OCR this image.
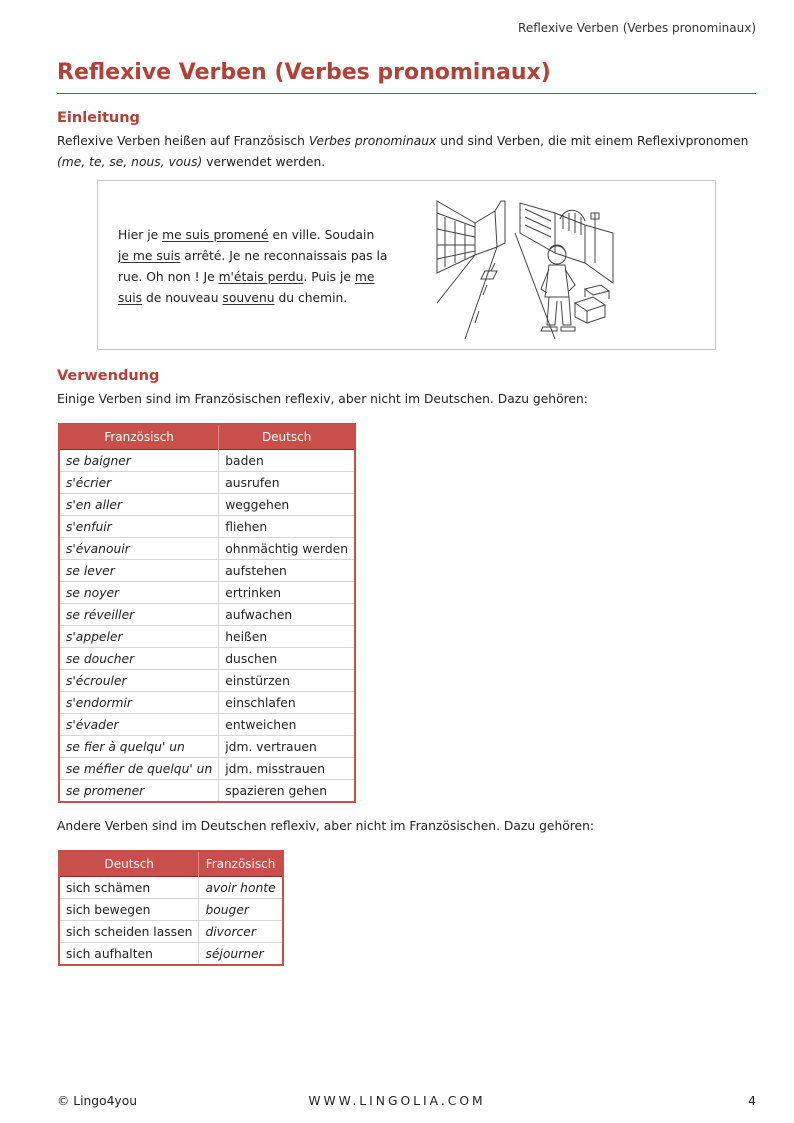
Reflexive Verben (Verbes pronominaux)
Reflexive Verben (Verbes pronominaux)
Einleitung
Reflexive Verben heißen auf Französisch Verbes pronominaux und sind Verben, die mit einem Reflexivpronomen (me, te, se, nous, vous) verwendet werden.
Hier je me suis promené en ville. Soudain je me suis arrêté. Je ne reconnaissais pas la rue. Oh non ! Je m'étais perdu. Puis je me suis de nouveau souvenu du chemin.
Verwendung
Einige Verben sind im Französischen reflexiv, aber nicht im Deutschen. Dazu gehören:
Französisch	Deutsch
se baigner	baden
s'écrier	ausrufen
s'en aller	weggehen
s'enfuir	fliehen
s'évanouir	ohnmächtig werden
se lever	aufstehen
se noyer	ertrinken
se réveiller	aufwachen
s'appeler	heißen
se doucher	duschen
s'écrouler	einstürzen
s'endormir	einschlafen
s'évader	entweichen
se fier à quelqu' un	jdm. vertrauen
se méfier de quelqu' un	jdm. misstrauen
se promener	spazieren gehen
Andere Verben sind im Deutschen reflexiv, aber nicht im Französischen. Dazu gehören:
Deutsch	Französisch
sich schämen	avoir honte
sich bewegen	bouger
sich scheiden lassen	divorcer
sich aufhalten	séjourner
© Lingo4you	WWW.LINGOLIA.COM	4
